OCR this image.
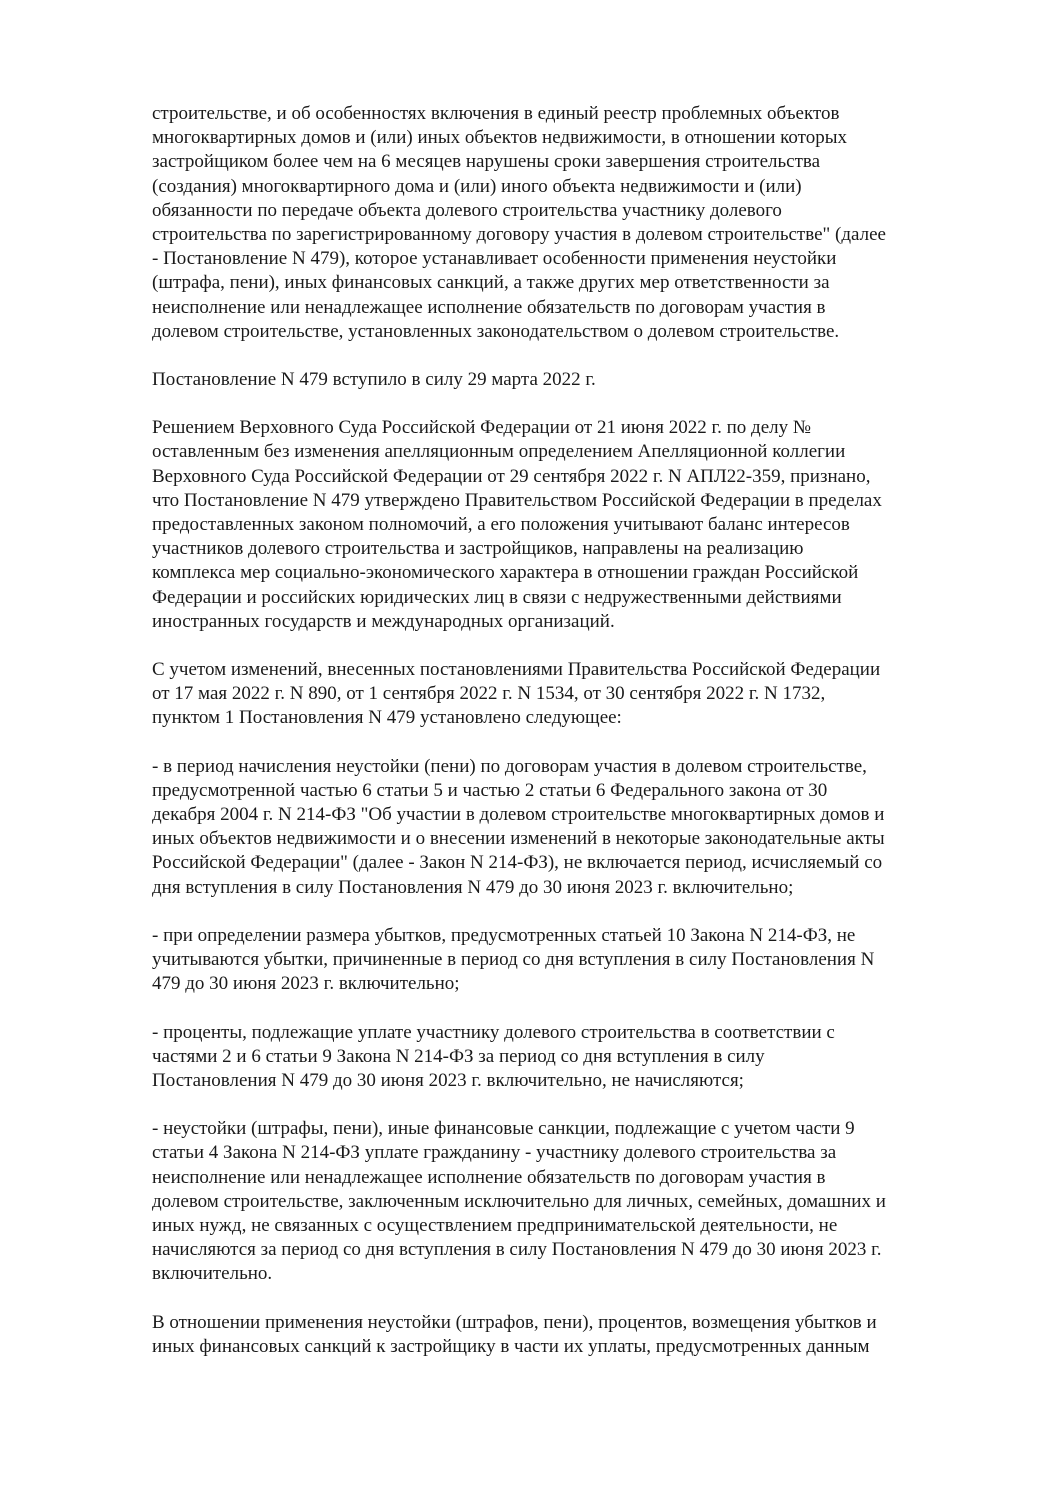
строительстве, и об особенностях включения в единый реестр проблемных объектов
многоквартирных домов и (или) иных объектов недвижимости, в отношении которых
застройщиком более чем на 6 месяцев нарушены сроки завершения строительства
(создания) многоквартирного дома и (или) иного объекта недвижимости и (или)
обязанности по передаче объекта долевого строительства участнику долевого
строительства по зарегистрированному договору участия в долевом строительстве" (далее
- Постановление N 479), которое устанавливает особенности применения неустойки
(штрафа, пени), иных финансовых санкций, а также других мер ответственности за
неисполнение или ненадлежащее исполнение обязательств по договорам участия в
долевом строительстве, установленных законодательством о долевом строительстве.

Постановление N 479 вступило в силу 29 марта 2022 г.

Решением Верховного Суда Российской Федерации от 21 июня 2022 г. по делу №
оставленным без изменения апелляционным определением Апелляционной коллегии
Верховного Суда Российской Федерации от 29 сентября 2022 г. N АПЛ22-359, признано,
что Постановление N 479 утверждено Правительством Российской Федерации в пределах
предоставленных законом полномочий, а его положения учитывают баланс интересов
участников долевого строительства и застройщиков, направлены на реализацию
комплекса мер социально-экономического характера в отношении граждан Российской
Федерации и российских юридических лиц в связи с недружественными действиями
иностранных государств и международных организаций.

С учетом изменений, внесенных постановлениями Правительства Российской Федерации
от 17 мая 2022 г. N 890, от 1 сентября 2022 г. N 1534, от 30 сентября 2022 г. N 1732,
пунктом 1 Постановления N 479 установлено следующее:

- в период начисления неустойки (пени) по договорам участия в долевом строительстве,
предусмотренной частью 6 статьи 5 и частью 2 статьи 6 Федерального закона от 30
декабря 2004 г. N 214-ФЗ "Об участии в долевом строительстве многоквартирных домов и
иных объектов недвижимости и о внесении изменений в некоторые законодательные акты
Российской Федерации" (далее - Закон N 214-ФЗ), не включается период, исчисляемый со
дня вступления в силу Постановления N 479 до 30 июня 2023 г. включительно;

- при определении размера убытков, предусмотренных статьей 10 Закона N 214-ФЗ, не
учитываются убытки, причиненные в период со дня вступления в силу Постановления N
479 до 30 июня 2023 г. включительно;

- проценты, подлежащие уплате участнику долевого строительства в соответствии с
частями 2 и 6 статьи 9 Закона N 214-ФЗ за период со дня вступления в силу
Постановления N 479 до 30 июня 2023 г. включительно, не начисляются;

- неустойки (штрафы, пени), иные финансовые санкции, подлежащие с учетом части 9
статьи 4 Закона N 214-ФЗ уплате гражданину - участнику долевого строительства за
неисполнение или ненадлежащее исполнение обязательств по договорам участия в
долевом строительстве, заключенным исключительно для личных, семейных, домашних и
иных нужд, не связанных с осуществлением предпринимательской деятельности, не
начисляются за период со дня вступления в силу Постановления N 479 до 30 июня 2023 г.
включительно.

В отношении применения неустойки (штрафов, пени), процентов, возмещения убытков и
иных финансовых санкций к застройщику в части их уплаты, предусмотренных данным
